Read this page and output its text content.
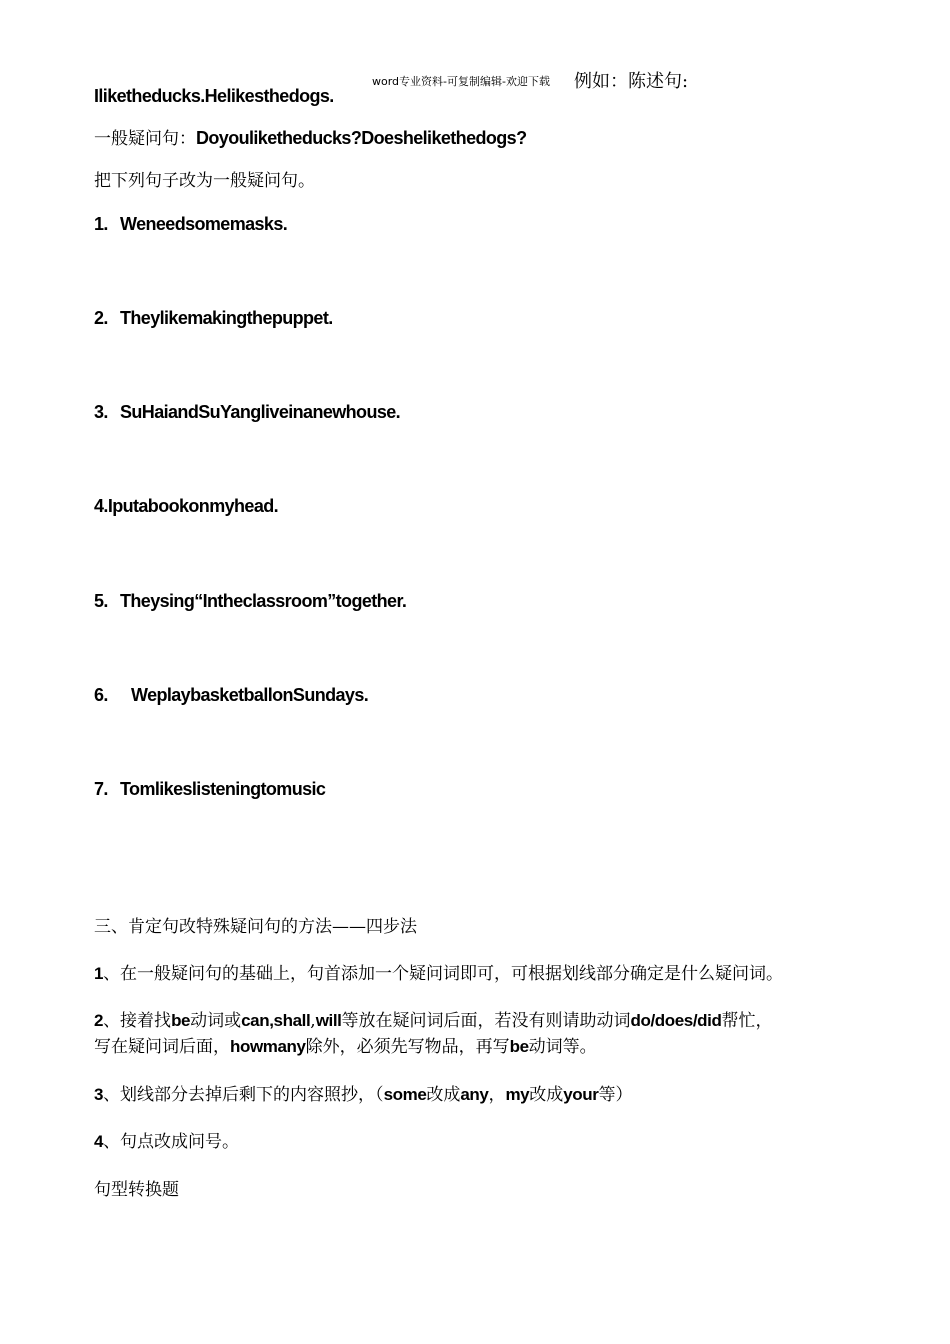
word专业资料-可复制编辑-欢迎下载 例如：陈述句:
Iliketheducks.Helikesthedogs.
一般疑问句：Doyouliketheducks?Doeshelikethedogs?
把下列句子改为一般疑问句。
1. Weneedsomemasks.
2. Theylikemakingthepuppet.
3. SuHaiandSuYangliveinanewhouse.
4.Iputabookonmyhead.
5. Theysing“Intheclassroom”together.
6. WeplaybasketballonSundays.
7. Tomlikeslisteningtomusic
三、肯定句改特殊疑问句的方法——四步法
1、在一般疑问句的基础上，句首添加一个疑问词即可，可根据划线部分确定是什么疑问词。
2、接着找be动词或can,shall,will等放在疑问词后面，若没有则请助动词do/does/did帮忙，
写在疑问词后面，howmany除外，必须先写物品，再写be动词等。
3、划线部分去掉后剩下的内容照抄，（some改成any，my改成your等）
4、句点改成问号。
句型转换题
